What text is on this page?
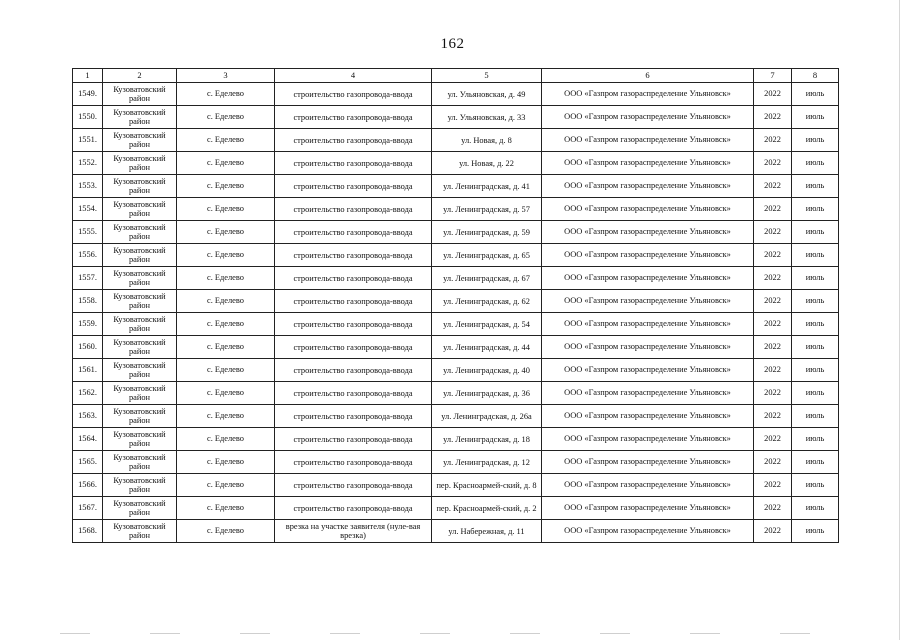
162
1	2	3	4	5	6	7	8
1549.	Кузоватовский район	с. Еделево	строительство газопровода-ввода	ул. Ульяновская, д. 49	ООО «Газпром газораспределение Ульяновск»	2022	июль
1550.	Кузоватовский район	с. Еделево	строительство газопровода-ввода	ул. Ульяновская, д. 33	ООО «Газпром газораспределение Ульяновск»	2022	июль
1551.	Кузоватовский район	с. Еделево	строительство газопровода-ввода	ул. Новая, д. 8	ООО «Газпром газораспределение Ульяновск»	2022	июль
1552.	Кузоватовский район	с. Еделево	строительство газопровода-ввода	ул. Новая, д. 22	ООО «Газпром газораспределение Ульяновск»	2022	июль
1553.	Кузоватовский район	с. Еделево	строительство газопровода-ввода	ул. Ленинградская, д. 41	ООО «Газпром газораспределение Ульяновск»	2022	июль
1554.	Кузоватовский район	с. Еделево	строительство газопровода-ввода	ул. Ленинградская, д. 57	ООО «Газпром газораспределение Ульяновск»	2022	июль
1555.	Кузоватовский район	с. Еделево	строительство газопровода-ввода	ул. Ленинградская, д. 59	ООО «Газпром газораспределение Ульяновск»	2022	июль
1556.	Кузоватовский район	с. Еделево	строительство газопровода-ввода	ул. Ленинградская, д. 65	ООО «Газпром газораспределение Ульяновск»	2022	июль
1557.	Кузоватовский район	с. Еделево	строительство газопровода-ввода	ул. Ленинградская, д. 67	ООО «Газпром газораспределение Ульяновск»	2022	июль
1558.	Кузоватовский район	с. Еделево	строительство газопровода-ввода	ул. Ленинградская, д. 62	ООО «Газпром газораспределение Ульяновск»	2022	июль
1559.	Кузоватовский район	с. Еделево	строительство газопровода-ввода	ул. Ленинградская, д. 54	ООО «Газпром газораспределение Ульяновск»	2022	июль
1560.	Кузоватовский район	с. Еделево	строительство газопровода-ввода	ул. Ленинградская, д. 44	ООО «Газпром газораспределение Ульяновск»	2022	июль
1561.	Кузоватовский район	с. Еделево	строительство газопровода-ввода	ул. Ленинградская, д. 40	ООО «Газпром газораспределение Ульяновск»	2022	июль
1562.	Кузоватовский район	с. Еделево	строительство газопровода-ввода	ул. Ленинградская, д. 36	ООО «Газпром газораспределение Ульяновск»	2022	июль
1563.	Кузоватовский район	с. Еделево	строительство газопровода-ввода	ул. Ленинградская, д. 26а	ООО «Газпром газораспределение Ульяновск»	2022	июль
1564.	Кузоватовский район	с. Еделево	строительство газопровода-ввода	ул. Ленинградская, д. 18	ООО «Газпром газораспределение Ульяновск»	2022	июль
1565.	Кузоватовский район	с. Еделево	строительство газопровода-ввода	ул. Ленинградская, д. 12	ООО «Газпром газораспределение Ульяновск»	2022	июль
1566.	Кузоватовский район	с. Еделево	строительство газопровода-ввода	пер. Красноармей-ский, д. 8	ООО «Газпром газораспределение Ульяновск»	2022	июль
1567.	Кузоватовский район	с. Еделево	строительство газопровода-ввода	пер. Красноармей-ский, д. 2	ООО «Газпром газораспределение Ульяновск»	2022	июль
1568.	Кузоватовский район	с. Еделево	врезка на участке заявителя (нуле-вая врезка)	ул. Набережная, д. 11	ООО «Газпром газораспределение Ульяновск»	2022	июль
